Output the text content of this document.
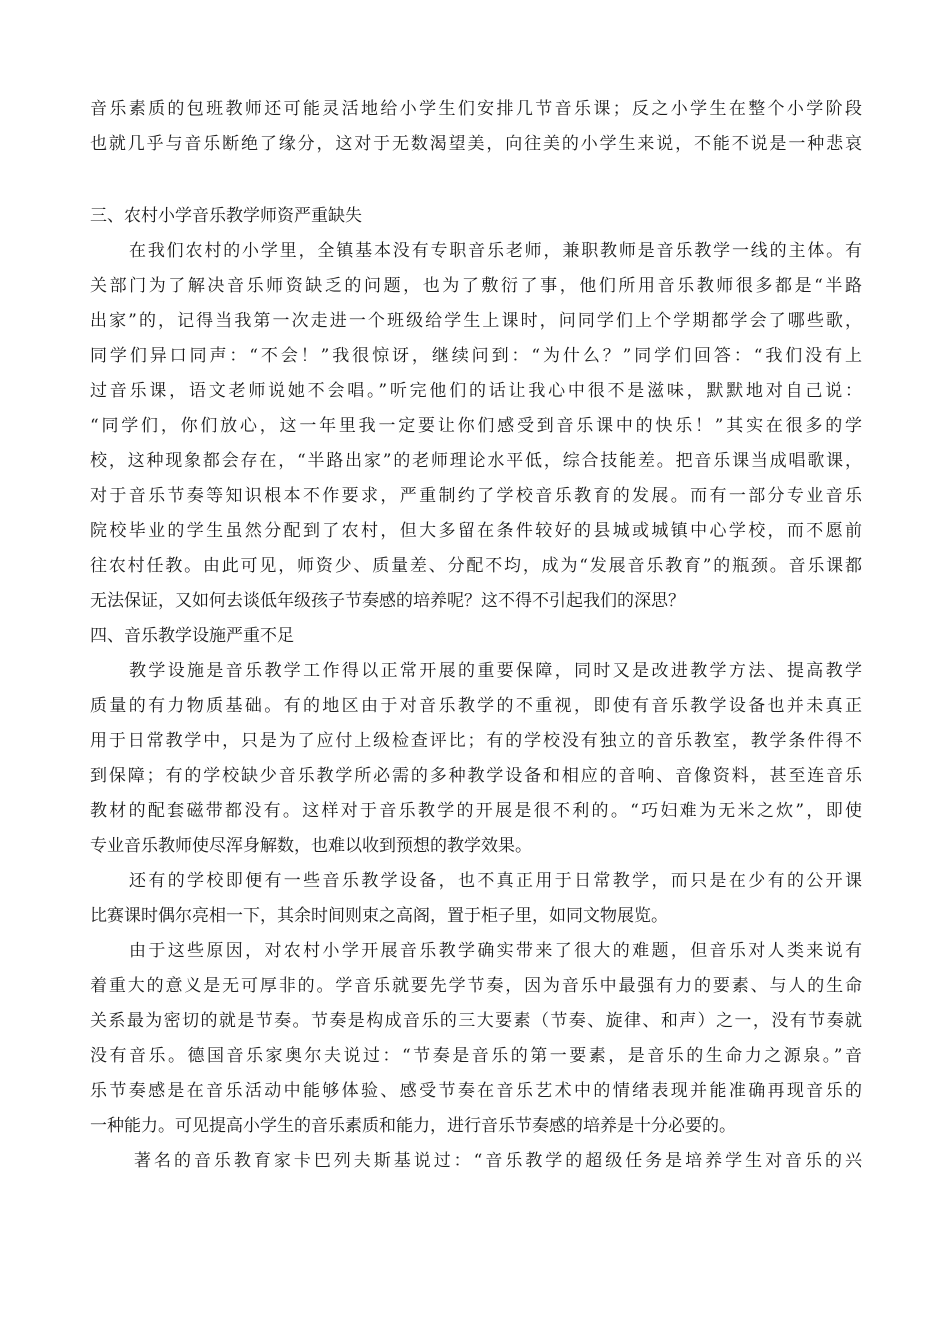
音乐素质的包班教师还可能灵活地给小学生们安排几节音乐课；反之小学生在整个小学阶段
也就几乎与音乐断绝了缘分，这对于无数渴望美，向往美的小学生来说，不能不说是一种悲哀
三、农村小学音乐教学师资严重缺失
在我们农村的小学里，全镇基本没有专职音乐老师，兼职教师是音乐教学一线的主体。有
关部门为了解决音乐师资缺乏的问题，也为了敷衍了事，他们所用音乐教师很多都是“半路
出家”的，记得当我第一次走进一个班级给学生上课时，问同学们上个学期都学会了哪些歌，
同学们异口同声：“不会！”我很惊讶，继续问到：“为什么？”同学们回答：“我们没有上
过音乐课，语文老师说她不会唱。”听完他们的话让我心中很不是滋味，默默地对自己说：
“同学们，你们放心，这一年里我一定要让你们感受到音乐课中的快乐！”其实在很多的学
校，这种现象都会存在，“半路出家”的老师理论水平低，综合技能差。把音乐课当成唱歌课，
对于音乐节奏等知识根本不作要求，严重制约了学校音乐教育的发展。而有一部分专业音乐
院校毕业的学生虽然分配到了农村，但大多留在条件较好的县城或城镇中心学校，而不愿前
往农村任教。由此可见，师资少、质量差、分配不均，成为“发展音乐教育”的瓶颈。音乐课都
无法保证，又如何去谈低年级孩子节奏感的培养呢？这不得不引起我们的深思？
四、音乐教学设施严重不足
教学设施是音乐教学工作得以正常开展的重要保障，同时又是改进教学方法、提高教学
质量的有力物质基础。有的地区由于对音乐教学的不重视，即使有音乐教学设备也并未真正
用于日常教学中，只是为了应付上级检查评比；有的学校没有独立的音乐教室，教学条件得不
到保障；有的学校缺少音乐教学所必需的多种教学设备和相应的音响、音像资料，甚至连音乐
教材的配套磁带都没有。这样对于音乐教学的开展是很不利的。“巧妇难为无米之炊”，即使
专业音乐教师使尽浑身解数，也难以收到预想的教学效果。
还有的学校即便有一些音乐教学设备，也不真正用于日常教学，而只是在少有的公开课
比赛课时偶尔亮相一下，其余时间则束之高阁，置于柜子里，如同文物展览。
由于这些原因，对农村小学开展音乐教学确实带来了很大的难题，但音乐对人类来说有
着重大的意义是无可厚非的。学音乐就要先学节奏，因为音乐中最强有力的要素、与人的生命
关系最为密切的就是节奏。节奏是构成音乐的三大要素（节奏、旋律、和声）之一，没有节奏就
没有音乐。德国音乐家奥尔夫说过：“节奏是音乐的第一要素，是音乐的生命力之源泉。”音
乐节奏感是在音乐活动中能够体验、感受节奏在音乐艺术中的情绪表现并能准确再现音乐的
一种能力。可见提高小学生的音乐素质和能力，进行音乐节奏感的培养是十分必要的。
著名的音乐教育家卡巴列夫斯基说过：“音乐教学的超级任务是培养学生对音乐的兴
